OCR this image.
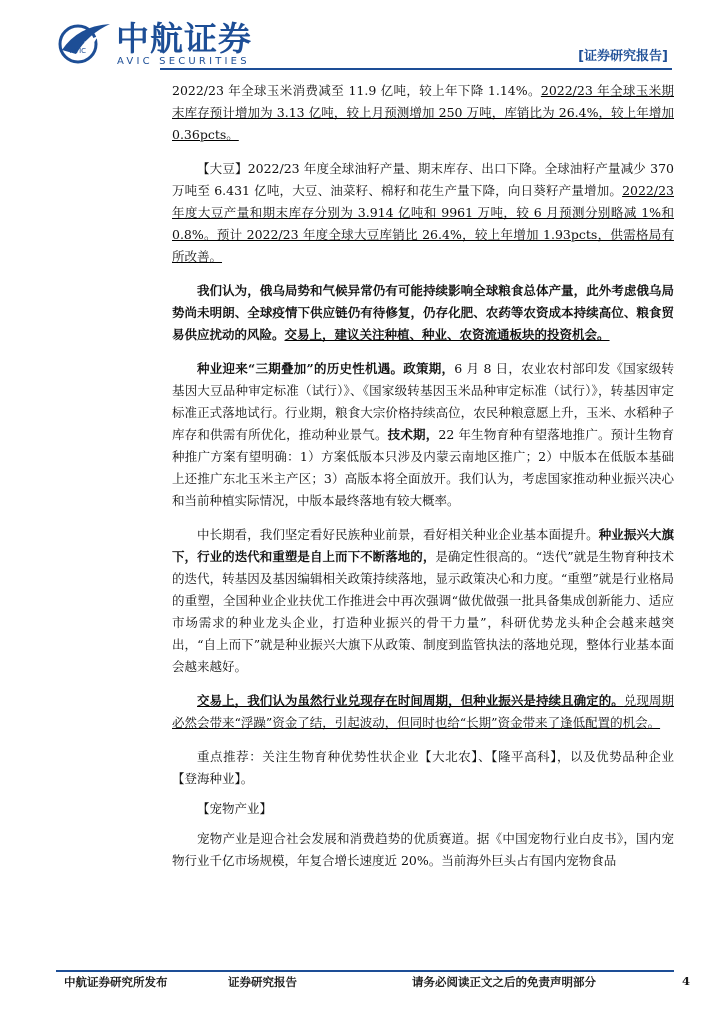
AVIC 中航证券
AVIC SECURITIES	[证券研究报告]

2022/23 年全球玉米消费减至 11.9 亿吨，较上年下降 1.14%。2022/23 年全球玉米期末库存预计增加为 3.13 亿吨，较上月预测增加 250 万吨，库销比为 26.4%，较上年增加 0.36pcts。

【大豆】2022/23 年度全球油籽产量、期末库存、出口下降。全球油籽产量减少 370 万吨至 6.431 亿吨，大豆、油菜籽、棉籽和花生产量下降，向日葵籽产量增加。2022/23 年度大豆产量和期末库存分别为 3.914 亿吨和 9961 万吨，较 6 月预测分别略减 1%和 0.8%。预计 2022/23 年度全球大豆库销比 26.4%，较上年增加 1.93pcts，供需格局有所改善。

我们认为，俄乌局势和气候异常仍有可能持续影响全球粮食总体产量，此外考虑俄乌局势尚未明朗、全球疫情下供应链仍有待修复，仍存化肥、农药等农资成本持续高位、粮食贸易供应扰动的风险。交易上，建议关注种植、种业、农资流通板块的投资机会。

种业迎来“三期叠加”的历史性机遇。政策期，6 月 8 日，农业农村部印发《国家级转基因大豆品种审定标准（试行）》、《国家级转基因玉米品种审定标准（试行）》，转基因审定标准正式落地试行。行业期，粮食大宗价格持续高位，农民种粮意愿上升，玉米、水稻种子库存和供需有所优化，推动种业景气。技术期，22 年生物育种有望落地推广。预计生物育种推广方案有望明确：1）方案低版本只涉及内蒙云南地区推广；2）中版本在低版本基础上还推广东北玉米主产区；3）高版本将全面放开。我们认为，考虑国家推动种业振兴决心和当前种植实际情况，中版本最终落地有较大概率。

中长期看，我们坚定看好民族种业前景，看好相关种业企业基本面提升。种业振兴大旗下，行业的迭代和重塑是自上而下不断落地的，是确定性很高的。“迭代”就是生物育种技术的迭代，转基因及基因编辑相关政策持续落地，显示政策决心和力度。“重塑”就是行业格局的重塑，全国种业企业扶优工作推进会中再次强调“做优做强一批具备集成创新能力、适应市场需求的种业龙头企业，打造种业振兴的骨干力量”，科研优势龙头种企会越来越突出，“自上而下”就是种业振兴大旗下从政策、制度到监管执法的落地兑现，整体行业基本面会越来越好。

交易上，我们认为虽然行业兑现存在时间周期，但种业振兴是持续且确定的。兑现周期必然会带来“浮躁”资金了结，引起波动，但同时也给“长期”资金带来了逢低配置的机会。

重点推荐：关注生物育种优势性状企业【大北农】、【隆平高科】，以及优势品种企业【登海种业】。

【宠物产业】

宠物产业是迎合社会发展和消费趋势的优质赛道。据《中国宠物行业白皮书》，国内宠物行业千亿市场规模，年复合增长速度近 20%。当前海外巨头占有国内宠物食品

中航证券研究所发布	证券研究报告	请务必阅读正文之后的免责声明部分	4
